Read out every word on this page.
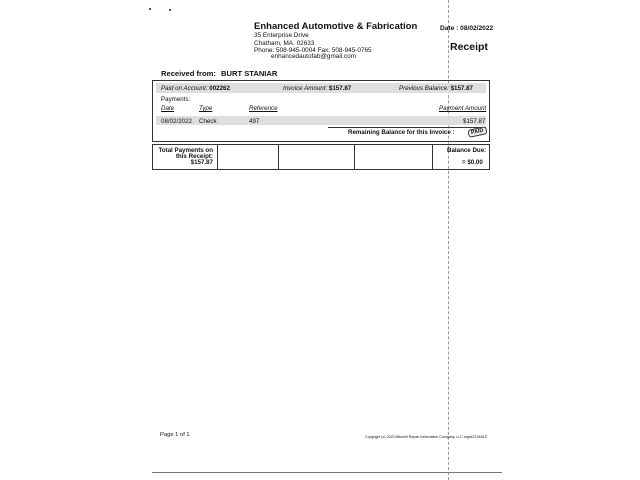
Enhanced Automotive & Fabrication
35 Enterprise Drive
Chatham, MA. 02633
Phone: 508-945-0004 Fax: 508-945-0765
enhancedautofab@gmail.com
Date : 08/02/2022
Receipt
Received from: BURT STANIAR
Paid on Account: 002262	Invoice Amount: $157.87	Previous Balance: $157.87
Payments:
Date	Type	Reference	Payment Amount
08/02/2022 Check	497	$157.87
Remaining Balance for this Invoice :	PAID
Total Payments on
this Receipt:
$157.87
Balance Due:
= $0.00
Page 1 of 1	Copyright (c) 2022 Mitchell Repair Information Company, LLC mgrd22194&S
